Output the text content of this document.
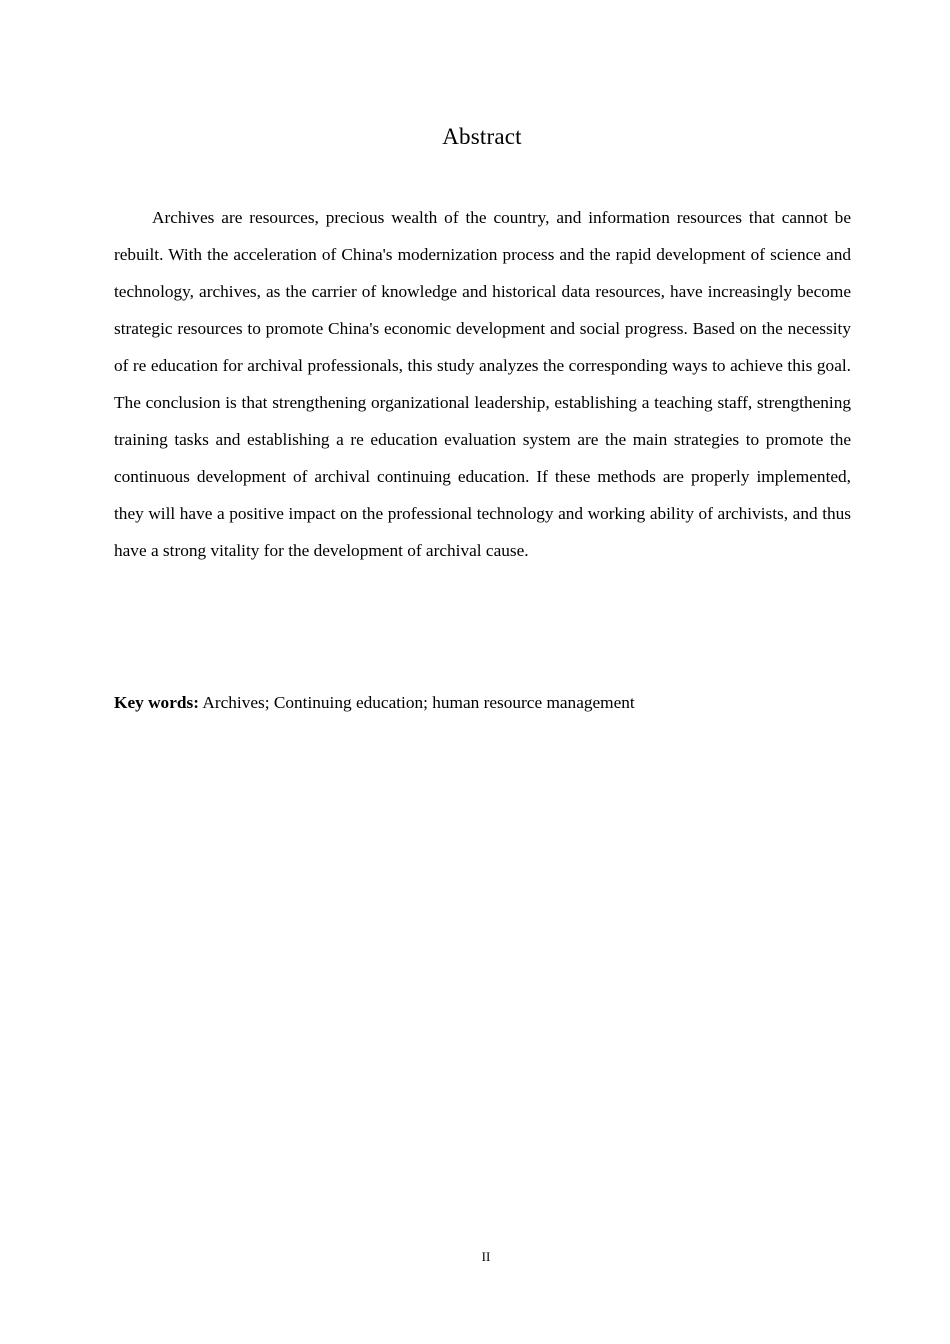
Abstract

Archives are resources, precious wealth of the country, and information resources that cannot be rebuilt. With the acceleration of China's modernization process and the rapid development of science and technology, archives, as the carrier of knowledge and historical data resources, have increasingly become strategic resources to promote China's economic development and social progress. Based on the necessity of re education for archival professionals, this study analyzes the corresponding ways to achieve this goal. The conclusion is that strengthening organizational leadership, establishing a teaching staff, strengthening training tasks and establishing a re education evaluation system are the main strategies to promote the continuous development of archival continuing education. If these methods are properly implemented, they will have a positive impact on the professional technology and working ability of archivists, and thus have a strong vitality for the development of archival cause.

Key words: Archives; Continuing education; human resource management

II
